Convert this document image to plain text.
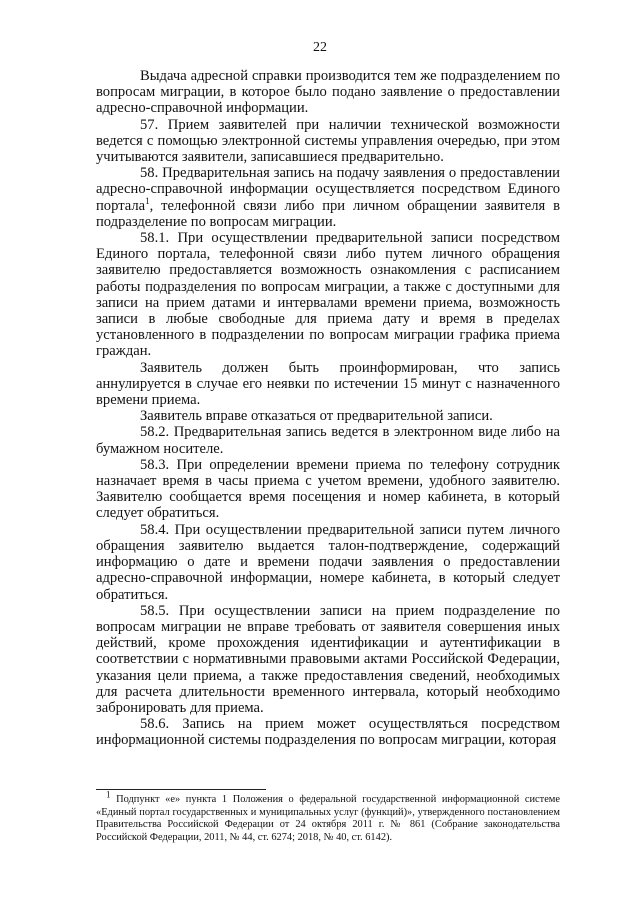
22

Выдача адресной справки производится тем же подразделением по вопросам миграции, в которое было подано заявление о предоставлении адресно-справочной информации.

57. Прием заявителей при наличии технической возможности ведется с помощью электронной системы управления очередью, при этом учитываются заявители, записавшиеся предварительно.

58. Предварительная запись на подачу заявления о предоставлении адресно-справочной информации осуществляется посредством Единого портала$^1$, телефонной связи либо при личном обращении заявителя в подразделение по вопросам миграции.

58.1. При осуществлении предварительной записи посредством Единого портала, телефонной связи либо путем личного обращения заявителю предоставляется возможность ознакомления с расписанием работы подразделения по вопросам миграции, а также с доступными для записи на прием датами и интервалами времени приема, возможность записи в любые свободные для приема дату и время в пределах установленного в подразделении по вопросам миграции графика приема граждан.

Заявитель должен быть проинформирован, что запись аннулируется в случае его неявки по истечении 15 минут с назначенного времени приема.

Заявитель вправе отказаться от предварительной записи.

58.2. Предварительная запись ведется в электронном виде либо на бумажном носителе.

58.3. При определении времени приема по телефону сотрудник назначает время в часы приема с учетом времени, удобного заявителю. Заявителю сообщается время посещения и номер кабинета, в который следует обратиться.

58.4. При осуществлении предварительной записи путем личного обращения заявителю выдается талон-подтверждение, содержащий информацию о дате и времени подачи заявления о предоставлении адресно-справочной информации, номере кабинета, в который следует обратиться.

58.5. При осуществлении записи на прием подразделение по вопросам миграции не вправе требовать от заявителя совершения иных действий, кроме прохождения идентификации и аутентификации в соответствии с нормативными правовыми актами Российской Федерации, указания цели приема, а также предоставления сведений, необходимых для расчета длительности временного интервала, который необходимо забронировать для приема.

58.6. Запись на прием может осуществляться посредством информационной системы подразделения по вопросам миграции, которая

$^1$ Подпункт «е» пункта 1 Положения о федеральной государственной информационной системе «Единый портал государственных и муниципальных услуг (функций)», утвержденного постановлением Правительства Российской Федерации от 24 октября 2011 г. № 861 (Собрание законодательства Российской Федерации, 2011, № 44, ст. 6274; 2018, № 40, ст. 6142).
